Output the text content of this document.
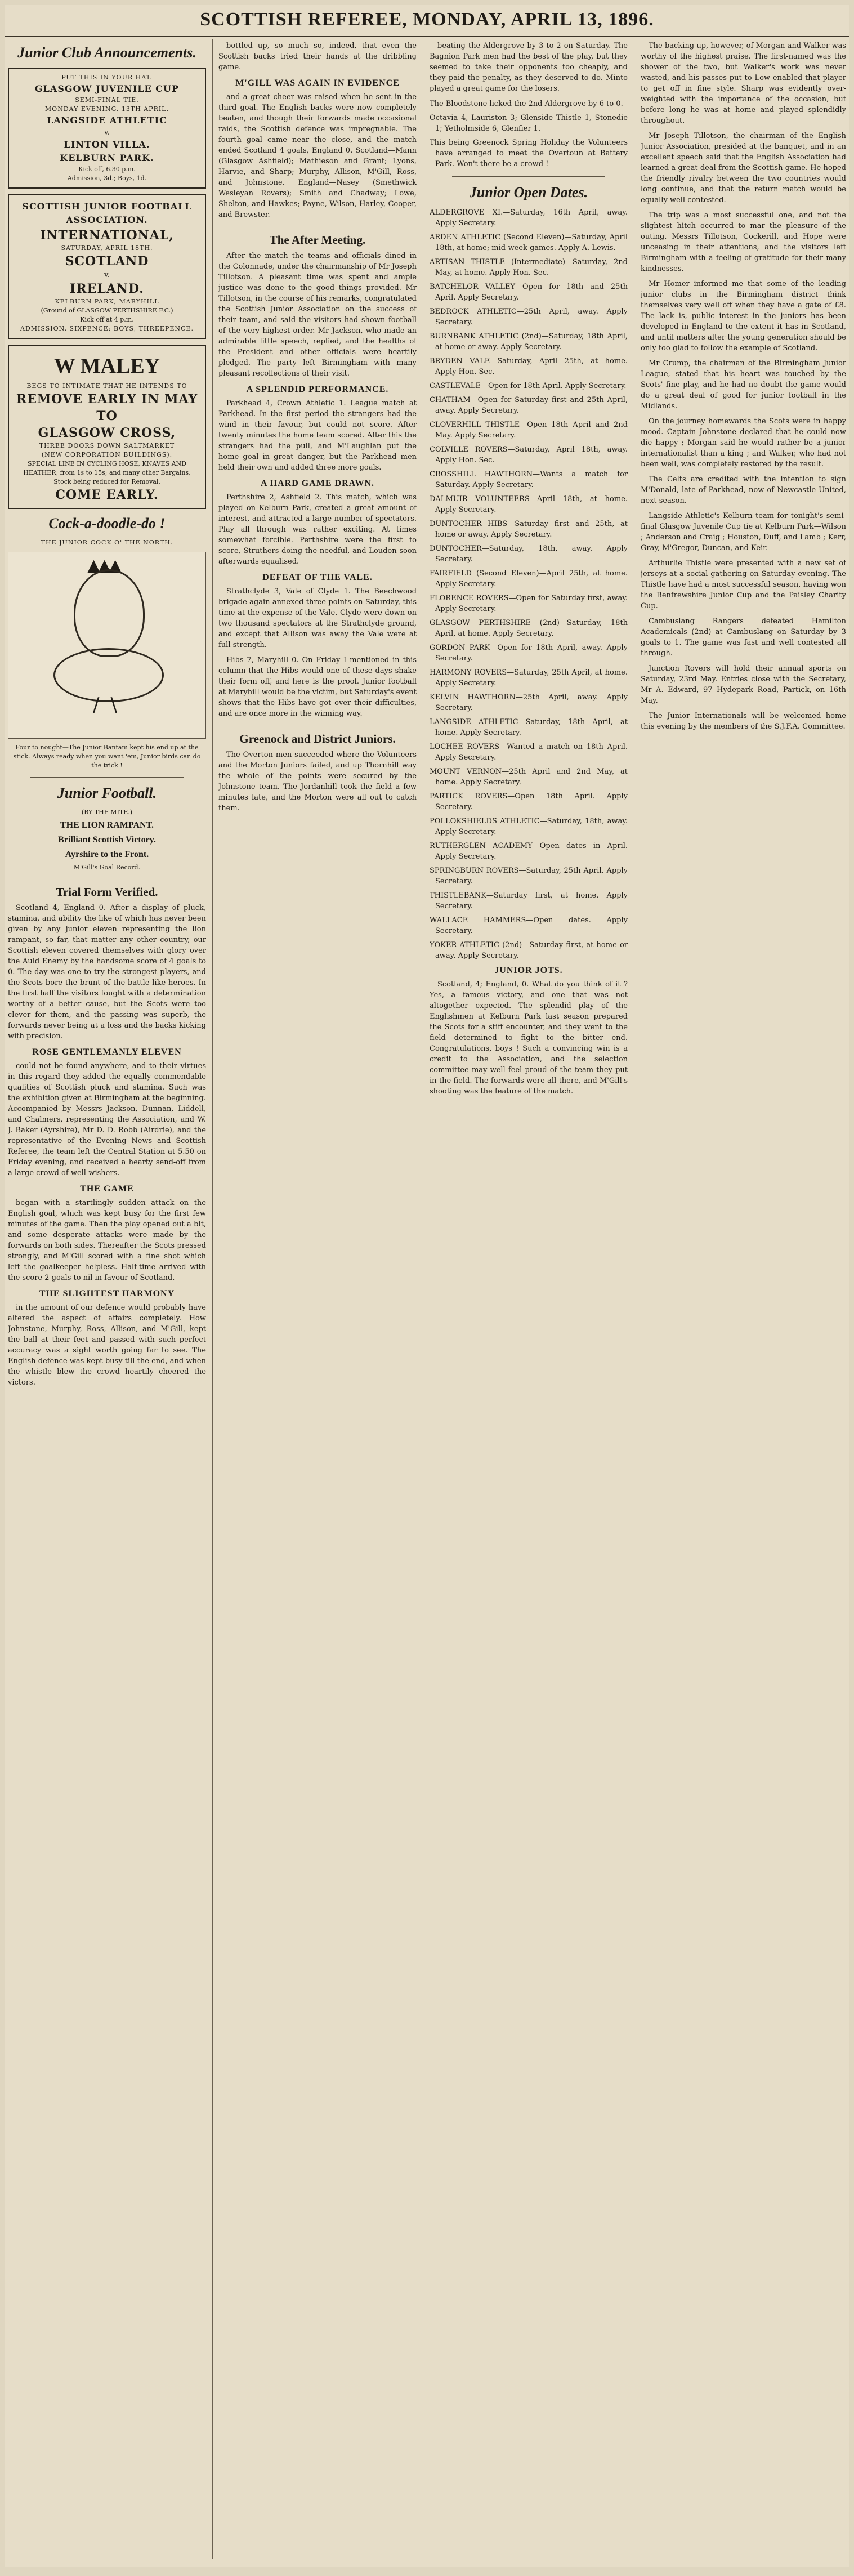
SCOTTISH REFEREE, MONDAY, APRIL 13, 1896.
Junior Club Announcements.
PUT THIS IN YOUR HAT.
GLASGOW JUVENILE CUP
SEMI-FINAL TIE.
MONDAY EVENING, 13TH APRIL.
LANGSIDE ATHLETIC
v.
LINTON VILLA.
KELBURN PARK.
Kick off, 6.30 p.m.
Admission, 3d.; Boys, 1d.
SCOTTISH JUNIOR FOOTBALL ASSOCIATION.
INTERNATIONAL,
SATURDAY, APRIL 18TH.
SCOTLAND
v.
IRELAND.
KELBURN PARK, MARYHILL
(Ground of GLASGOW PERTHSHIRE F.C.)
Kick off at 4 p.m.
ADMISSION, SIXPENCE; BOYS, THREEPENCE.
W MALEY
BEGS TO INTIMATE THAT HE INTENDS TO
REMOVE EARLY IN MAY TO
GLASGOW CROSS,
THREE DOORS DOWN SALTMARKET
(NEW CORPORATION BUILDINGS).
SPECIAL LINE IN CYCLING HOSE, KNAVES AND HEATHER, from 1s to 15s; and many other Bargains, Stock being reduced for Removal.
COME EARLY.
Cock-a-doodle-do !
THE JUNIOR COCK O' THE NORTH.
▲▲▲
/\
Four to nought—The Junior Bantam kept his end up at the stick. Always ready when you want 'em, Junior birds can do the trick !
Junior Football.
(BY THE MITE.)
THE LION RAMPANT.
Brilliant Scottish Victory.
Ayrshire to the Front.
M'Gill's Goal Record.
Trial Form Verified.

Scotland 4, England 0. After a display of pluck, stamina, and ability the like of which has never been given by any junior eleven representing the lion rampant, so far, that matter any other country, our Scottish eleven covered themselves with glory over the Auld Enemy by the handsome score of 4 goals to 0. The day was one to try the strongest players, and the Scots bore the brunt of the battle like heroes. In the first half the visitors fought with a determination worthy of a better cause, but the Scots were too clever for them, and the passing was superb, the forwards never being at a loss and the backs kicking with precision.

ROSE GENTLEMANLY ELEVEN

could not be found anywhere, and to their virtues in this regard they added the equally commendable qualities of Scottish pluck and stamina. Such was the exhibition given at Birmingham at the beginning. Accompanied by Messrs Jackson, Dunnan, Liddell, and Chalmers, representing the Association, and W. J. Baker (Ayrshire), Mr D. D. Robb (Airdrie), and the representative of the Evening News and Scottish Referee, the team left the Central Station at 5.50 on Friday evening, and received a hearty send-off from a large crowd of well-wishers.

THE GAME

began with a startlingly sudden attack on the English goal, which was kept busy for the first few minutes of the game. Then the play opened out a bit, and some desperate attacks were made by the forwards on both sides. Thereafter the Scots pressed strongly, and M'Gill scored with a fine shot which left the goalkeeper helpless. Half-time arrived with the score 2 goals to nil in favour of Scotland.

THE SLIGHTEST HARMONY

in the amount of our defence would probably have altered the aspect of affairs completely. How Johnstone, Murphy, Ross, Allison, and M'Gill, kept the ball at their feet and passed with such perfect accuracy was a sight worth going far to see. The English defence was kept busy till the end, and when the whistle blew the crowd heartily cheered the victors.

bottled up, so much so, indeed, that even the Scottish backs tried their hands at the dribbling game.

M'GILL WAS AGAIN IN EVIDENCE

and a great cheer was raised when he sent in the third goal. The English backs were now completely beaten, and though their forwards made occasional raids, the Scottish defence was impregnable. The fourth goal came near the close, and the match ended Scotland 4 goals, England 0. Scotland—Mann (Glasgow Ashfield); Mathieson and Grant; Lyons, Harvie, and Sharp; Murphy, Allison, M'Gill, Ross, and Johnstone. England—Nasey (Smethwick Wesleyan Rovers); Smith and Chadway; Lowe, Shelton, and Hawkes; Payne, Wilson, Harley, Cooper, and Brewster.

The After Meeting.

After the match the teams and officials dined in the Colonnade, under the chairmanship of Mr Joseph Tillotson. A pleasant time was spent and ample justice was done to the good things provided. Mr Tillotson, in the course of his remarks, congratulated the Scottish Junior Association on the success of their team, and said the visitors had shown football of the very highest order. Mr Jackson, who made an admirable little speech, replied, and the healths of the President and other officials were heartily pledged. The party left Birmingham with many pleasant recollections of their visit.

A SPLENDID PERFORMANCE.

Parkhead 4, Crown Athletic 1. League match at Parkhead. In the first period the strangers had the wind in their favour, but could not score. After twenty minutes the home team scored. After this the strangers had the pull, and M'Laughlan put the home goal in great danger, but the Parkhead men held their own and added three more goals.

A HARD GAME DRAWN.

Perthshire 2, Ashfield 2. This match, which was played on Kelburn Park, created a great amount of interest, and attracted a large number of spectators. Play all through was rather exciting. At times somewhat forcible. Perthshire were the first to score, Struthers doing the needful, and Loudon soon afterwards equalised.

DEFEAT OF THE VALE.

Strathclyde 3, Vale of Clyde 1. The Beechwood brigade again annexed three points on Saturday, this time at the expense of the Vale. Clyde were down on two thousand spectators at the Strathclyde ground, and except that Allison was away the Vale were at full strength.

Hibs 7, Maryhill 0. On Friday I mentioned in this column that the Hibs would one of these days shake their form off, and here is the proof. Junior football at Maryhill would be the victim, but Saturday's event shows that the Hibs have got over their difficulties, and are once more in the winning way.

Greenock and District Juniors.

The Overton men succeeded where the Volunteers and the Morton Juniors failed, and up Thornhill way the whole of the points were secured by the Johnstone team. The Jordanhill took the field a few minutes late, and the Morton were all out to catch them.

beating the Aldergrove by 3 to 2 on Saturday. The Bagnion Park men had the best of the play, but they seemed to take their opponents too cheaply, and they paid the penalty, as they deserved to do. Minto played a great game for the losers.

The Bloodstone licked the 2nd Aldergrove by 6 to 0.

Octavia 4, Lauriston 3; Glenside Thistle 1, Stonedie 1; Yetholmside 6, Glenfier 1.

This being Greenock Spring Holiday the Volunteers have arranged to meet the Overtoun at Battery Park. Won't there be a crowd !

Junior Open Dates.

ALDERGROVE XI.—Saturday, 16th April, away. Apply Secretary.

ARDEN ATHLETIC (Second Eleven)—Saturday, April 18th, at home; mid-week games. Apply A. Lewis.

ARTISAN THISTLE (Intermediate)—Saturday, 2nd May, at home. Apply Hon. Sec.

BATCHELOR VALLEY—Open for 18th and 25th April. Apply Secretary.

BEDROCK ATHLETIC—25th April, away. Apply Secretary.

BURNBANK ATHLETIC (2nd)—Saturday, 18th April, at home or away. Apply Secretary.

BRYDEN VALE—Saturday, April 25th, at home. Apply Hon. Sec.

CASTLEVALE—Open for 18th April. Apply Secretary.

CHATHAM—Open for Saturday first and 25th April, away. Apply Secretary.

CLOVERHILL THISTLE—Open 18th April and 2nd May. Apply Secretary.

COLVILLE ROVERS—Saturday, April 18th, away. Apply Hon. Sec.

CROSSHILL HAWTHORN—Wants a match for Saturday. Apply Secretary.

DALMUIR VOLUNTEERS—April 18th, at home. Apply Secretary.

DUNTOCHER HIBS—Saturday first and 25th, at home or away. Apply Secretary.

DUNTOCHER—Saturday, 18th, away. Apply Secretary.

FAIRFIELD (Second Eleven)—April 25th, at home. Apply Secretary.

FLORENCE ROVERS—Open for Saturday first, away. Apply Secretary.

GLASGOW PERTHSHIRE (2nd)—Saturday, 18th April, at home. Apply Secretary.

GORDON PARK—Open for 18th April, away. Apply Secretary.

HARMONY ROVERS—Saturday, 25th April, at home. Apply Secretary.

KELVIN HAWTHORN—25th April, away. Apply Secretary.

LANGSIDE ATHLETIC—Saturday, 18th April, at home. Apply Secretary.

LOCHEE ROVERS—Wanted a match on 18th April. Apply Secretary.

MOUNT VERNON—25th April and 2nd May, at home. Apply Secretary.

PARTICK ROVERS—Open 18th April. Apply Secretary.

POLLOKSHIELDS ATHLETIC—Saturday, 18th, away. Apply Secretary.

RUTHERGLEN ACADEMY—Open dates in April. Apply Secretary.

SPRINGBURN ROVERS—Saturday, 25th April. Apply Secretary.

THISTLEBANK—Saturday first, at home. Apply Secretary.

WALLACE HAMMERS—Open dates. Apply Secretary.

YOKER ATHLETIC (2nd)—Saturday first, at home or away. Apply Secretary.

JUNIOR JOTS.

Scotland, 4; England, 0. What do you think of it ? Yes, a famous victory, and one that was not altogether expected. The splendid play of the Englishmen at Kelburn Park last season prepared the Scots for a stiff encounter, and they went to the field determined to fight to the bitter end. Congratulations, boys ! Such a convincing win is a credit to the Association, and the selection committee may well feel proud of the team they put in the field. The forwards were all there, and M'Gill's shooting was the feature of the match.

The backing up, however, of Morgan and Walker was worthy of the highest praise. The first-named was the shower of the two, but Walker's work was never wasted, and his passes put to Low enabled that player to get off in fine style. Sharp was evidently over-weighted with the importance of the occasion, but before long he was at home and played splendidly throughout.

Mr Joseph Tillotson, the chairman of the English Junior Association, presided at the banquet, and in an excellent speech said that the English Association had learned a great deal from the Scottish game. He hoped the friendly rivalry between the two countries would long continue, and that the return match would be equally well contested.

The trip was a most successful one, and not the slightest hitch occurred to mar the pleasure of the outing. Messrs Tillotson, Cockerill, and Hope were unceasing in their attentions, and the visitors left Birmingham with a feeling of gratitude for their many kindnesses.

Mr Homer informed me that some of the leading junior clubs in the Birmingham district think themselves very well off when they have a gate of £8. The lack is, public interest in the juniors has been developed in England to the extent it has in Scotland, and until matters alter the young generation should be only too glad to follow the example of Scotland.

Mr Crump, the chairman of the Birmingham Junior League, stated that his heart was touched by the Scots' fine play, and he had no doubt the game would do a great deal of good for junior football in the Midlands.

On the journey homewards the Scots were in happy mood. Captain Johnstone declared that he could now die happy ; Morgan said he would rather be a junior internationalist than a king ; and Walker, who had not been well, was completely restored by the result.

The Celts are credited with the intention to sign M'Donald, late of Parkhead, now of Newcastle United, next season.

Langside Athletic's Kelburn team for tonight's semi-final Glasgow Juvenile Cup tie at Kelburn Park—Wilson ; Anderson and Craig ; Houston, Duff, and Lamb ; Kerr, Gray, M'Gregor, Duncan, and Keir.

Arthurlie Thistle were presented with a new set of jerseys at a social gathering on Saturday evening. The Thistle have had a most successful season, having won the Renfrewshire Junior Cup and the Paisley Charity Cup.

Cambuslang Rangers defeated Hamilton Academicals (2nd) at Cambuslang on Saturday by 3 goals to 1. The game was fast and well contested all through.

Junction Rovers will hold their annual sports on Saturday, 23rd May. Entries close with the Secretary, Mr A. Edward, 97 Hydepark Road, Partick, on 16th May.

The Junior Internationals will be welcomed home this evening by the members of the S.J.F.A. Committee.
